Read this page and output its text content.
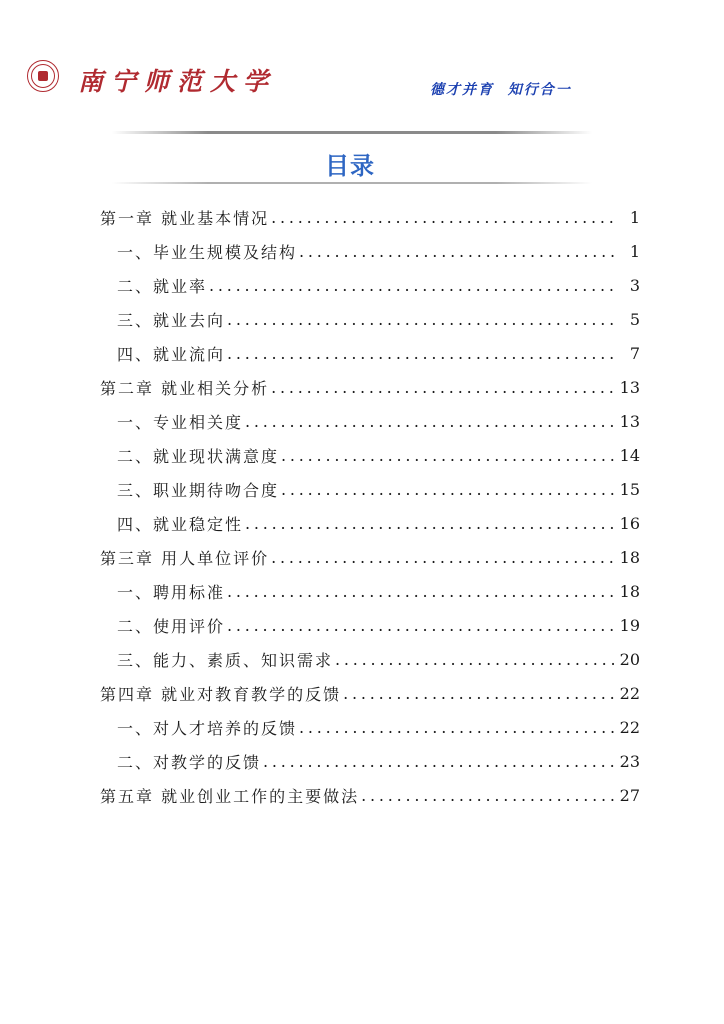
南宁师范大学	德才并育  知行合一
目录
第一章 就业基本情况 .....	1
一、毕业生规模及结构 .....	1
二、就业率 .....	3
三、就业去向 .....	5
四、就业流向 .....	7
第二章 就业相关分析 .....	13
一、专业相关度 .....	13
二、就业现状满意度 .....	14
三、职业期待吻合度 .....	15
四、就业稳定性 .....	16
第三章 用人单位评价 .....	18
一、聘用标准 .....	18
二、使用评价 .....	19
三、能力、素质、知识需求 .....	20
第四章 就业对教育教学的反馈 .....	22
一、对人才培养的反馈 .....	22
二、对教学的反馈 .....	23
第五章 就业创业工作的主要做法 .....	27
